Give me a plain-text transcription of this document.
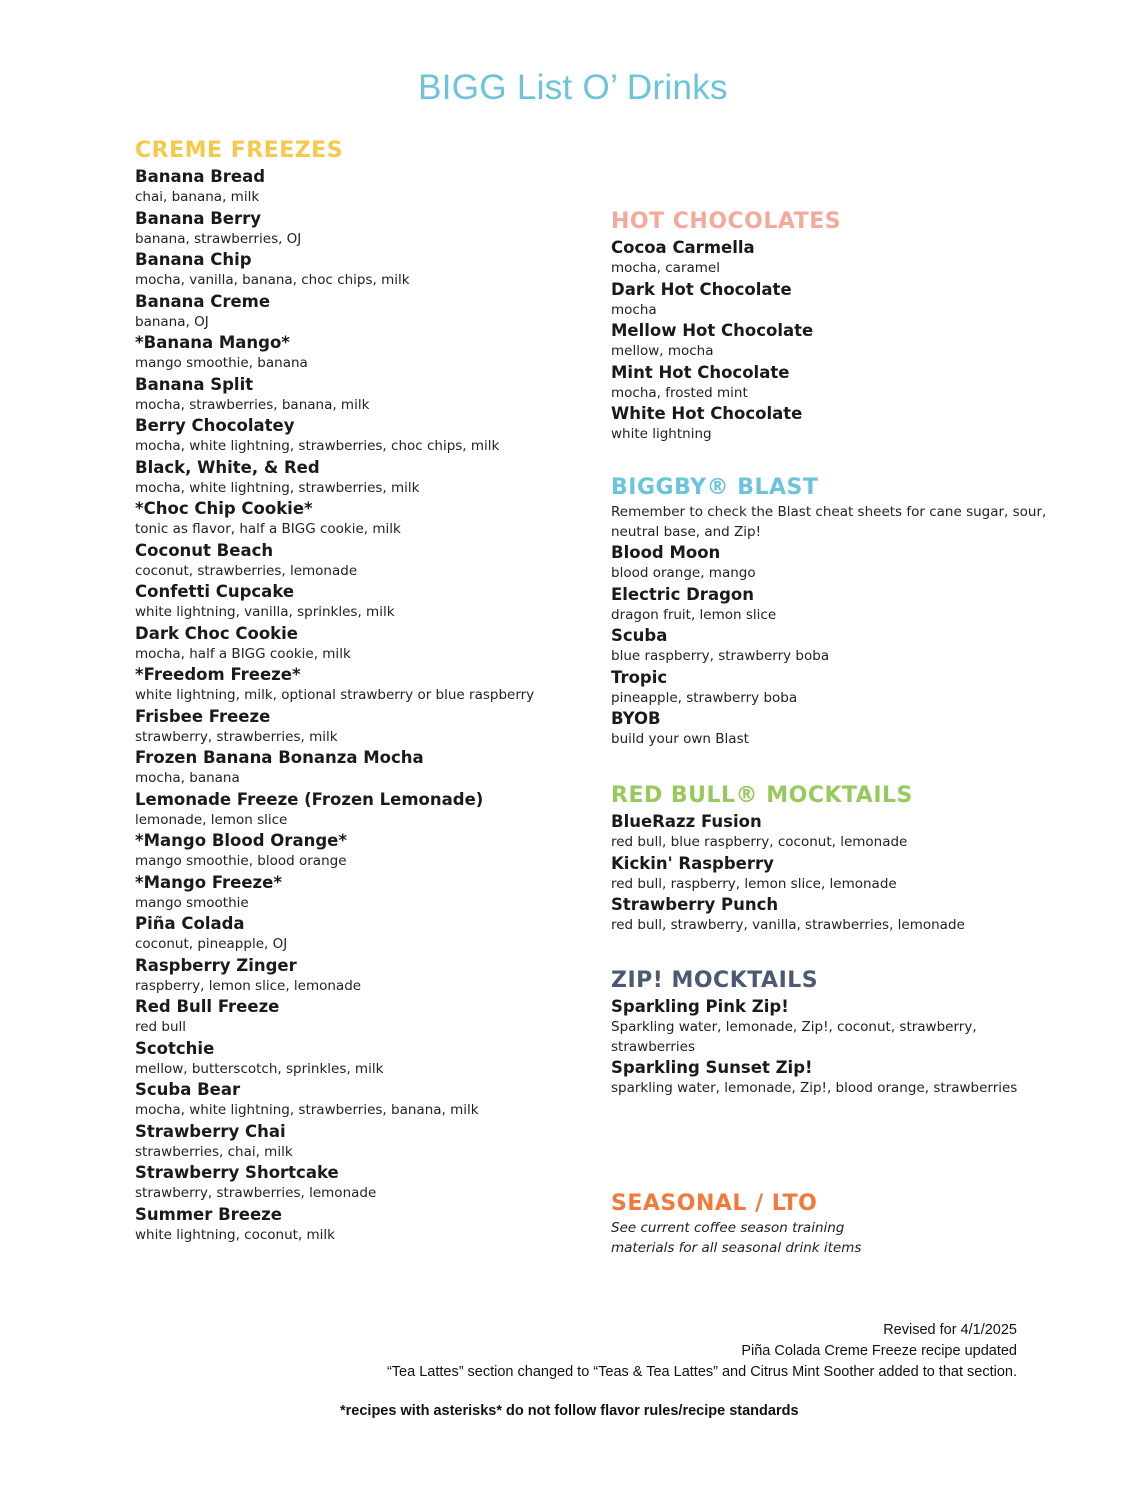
BIGG List O’ Drinks
CREME FREEZES
Banana Bread
chai, banana, milk
Banana Berry
banana, strawberries, OJ
Banana Chip
mocha, vanilla, banana, choc chips, milk
Banana Creme
banana, OJ
*Banana Mango*
mango smoothie, banana
Banana Split
mocha, strawberries, banana, milk
Berry Chocolatey
mocha, white lightning, strawberries, choc chips, milk
Black, White, & Red
mocha, white lightning, strawberries, milk
*Choc Chip Cookie*
tonic as flavor, half a BIGG cookie, milk
Coconut Beach
coconut, strawberries, lemonade
Confetti Cupcake
white lightning, vanilla, sprinkles, milk
Dark Choc Cookie
mocha, half a BIGG cookie, milk
*Freedom Freeze*
white lightning, milk, optional strawberry or blue raspberry
Frisbee Freeze
strawberry, strawberries, milk
Frozen Banana Bonanza Mocha
mocha, banana
Lemonade Freeze (Frozen Lemonade)
lemonade, lemon slice
*Mango Blood Orange*
mango smoothie, blood orange
*Mango Freeze*
mango smoothie
Piña Colada
coconut, pineapple, OJ
Raspberry Zinger
raspberry, lemon slice, lemonade
Red Bull Freeze
red bull
Scotchie
mellow, butterscotch, sprinkles, milk
Scuba Bear
mocha, white lightning, strawberries, banana, milk
Strawberry Chai
strawberries, chai, milk
Strawberry Shortcake
strawberry, strawberries, lemonade
Summer Breeze
white lightning, coconut, milk
HOT CHOCOLATES
Cocoa Carmella
mocha, caramel
Dark Hot Chocolate
mocha
Mellow Hot Chocolate
mellow, mocha
Mint Hot Chocolate
mocha, frosted mint
White Hot Chocolate
white lightning
BIGGBY® BLAST
Remember to check the Blast cheat sheets for cane sugar, sour, neutral base, and Zip!
Blood Moon
blood orange, mango
Electric Dragon
dragon fruit, lemon slice
Scuba
blue raspberry, strawberry boba
Tropic
pineapple, strawberry boba
BYOB
build your own Blast
RED BULL® MOCKTAILS
BlueRazz Fusion
red bull, blue raspberry, coconut, lemonade
Kickin' Raspberry
red bull, raspberry, lemon slice, lemonade
Strawberry Punch
red bull, strawberry, vanilla, strawberries, lemonade
ZIP! MOCKTAILS
Sparkling Pink Zip!
Sparkling water, lemonade, Zip!, coconut, strawberry, strawberries
Sparkling Sunset Zip!
sparkling water, lemonade, Zip!, blood orange, strawberries
SEASONAL / LTO
See current coffee season training
materials for all seasonal drink items
Revised for 4/1/2025
Piña Colada Creme Freeze recipe updated
“Tea Lattes” section changed to “Teas & Tea Lattes” and Citrus Mint Soother added to that section.
*recipes with asterisks* do not follow flavor rules/recipe standards
